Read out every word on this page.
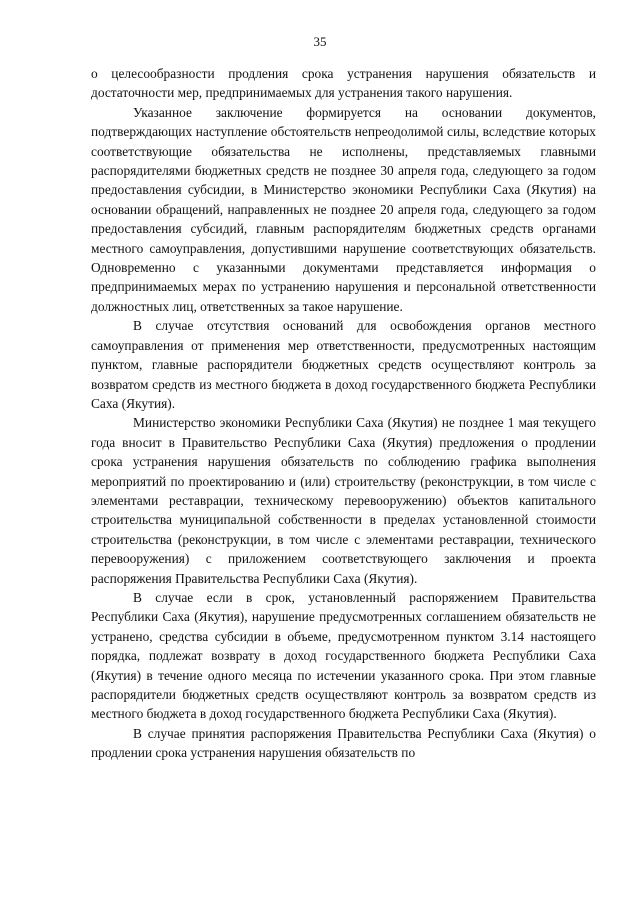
35

о целесообразности продления срока устранения нарушения обязательств и достаточности мер, предпринимаемых для устранения такого нарушения.

Указанное заключение формируется на основании документов, подтверждающих наступление обстоятельств непреодолимой силы, вследствие которых соответствующие обязательства не исполнены, представляемых главными распорядителями бюджетных средств не позднее 30 апреля года, следующего за годом предоставления субсидии, в Министерство экономики Республики Саха (Якутия) на основании обращений, направленных не позднее 20 апреля года, следующего за годом предоставления субсидий, главным распорядителям бюджетных средств органами местного самоуправления, допустившими нарушение соответствующих обязательств. Одновременно с указанными документами представляется информация о предпринимаемых мерах по устранению нарушения и персональной ответственности должностных лиц, ответственных за такое нарушение.

В случае отсутствия оснований для освобождения органов местного самоуправления от применения мер ответственности, предусмотренных настоящим пунктом, главные распорядители бюджетных средств осуществляют контроль за возвратом средств из местного бюджета в доход государственного бюджета Республики Саха (Якутия).

Министерство экономики Республики Саха (Якутия) не позднее 1 мая текущего года вносит в Правительство Республики Саха (Якутия) предложения о продлении срока устранения нарушения обязательств по соблюдению графика выполнения мероприятий по проектированию и (или) строительству (реконструкции, в том числе с элементами реставрации, техническому перевооружению) объектов капитального строительства муниципальной собственности в пределах установленной стоимости строительства (реконструкции, в том числе с элементами реставрации, технического перевооружения) с приложением соответствующего заключения и проекта распоряжения Правительства Республики Саха (Якутия).

В случае если в срок, установленный распоряжением Правительства Республики Саха (Якутия), нарушение предусмотренных соглашением обязательств не устранено, средства субсидии в объеме, предусмотренном пунктом 3.14 настоящего порядка, подлежат возврату в доход государственного бюджета Республики Саха (Якутия) в течение одного месяца по истечении указанного срока. При этом главные распорядители бюджетных средств осуществляют контроль за возвратом средств из местного бюджета в доход государственного бюджета Республики Саха (Якутия).

В случае принятия распоряжения Правительства Республики Саха (Якутия) о продлении срока устранения нарушения обязательств по
